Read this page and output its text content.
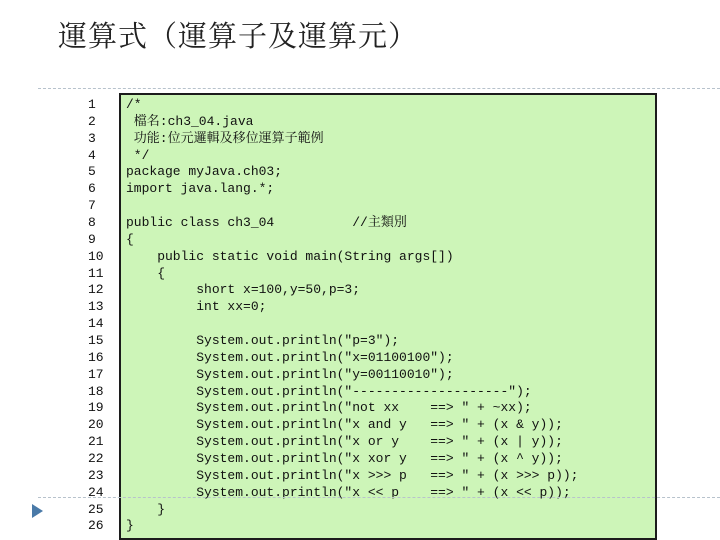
運算式（運算子及運算元）
1
2
3
4
5
6
7
8
9
10
11
12
13
14
15
16
17
18
19
20
21
22
23
24
25
26
/*
檔名:ch3_04.java
功能:位元邏輯及移位運算子範例
*/
package myJava.ch03;
import java.lang.*;
public class ch3_04          //主類別
{
public static void main(String args[])
{
short x=100,y=50,p=3;
int xx=0;
System.out.println("p=3");
System.out.println("x=01100100");
System.out.println("y=00110010");
System.out.println("--------------------");
System.out.println("not xx    ==> " + ~xx);
System.out.println("x and y   ==> " + (x & y));
System.out.println("x or y    ==> " + (x | y));
System.out.println("x xor y   ==> " + (x ^ y));
System.out.println("x >>> p   ==> " + (x >>> p));
System.out.println("x << p    ==> " + (x << p));
}
}
